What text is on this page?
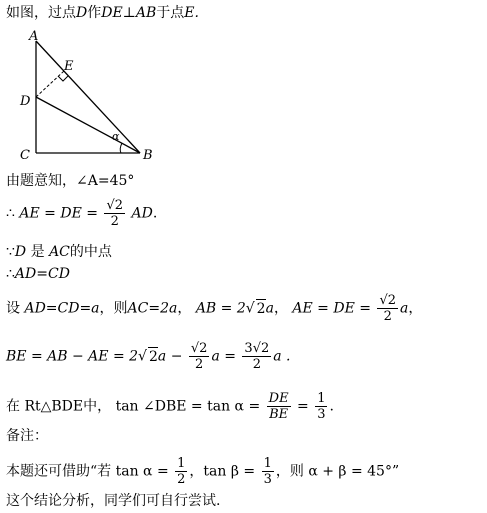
如图，过点D作DE⊥AB于点E.
A
E
D
C	B
α
由题意知，∠A=45°
∴ AE = DE = $\frac{√2}{2}$ AD.
∵D 是 AC的中点
∴AD=CD
设 AD=CD=a，则AC=2a， AB = 2√ 2a， AE = DE = $\frac{√2}{2}$ a，
BE = AB − AE = 2√ $2a - \frac{√2}{2}$ $a = \frac{3√2}{2}$ a .
在 Rt△BDE中， tan ∠DBE = $\tan \alpha = \frac{DE}{BE} = \frac{1}{3}$ .
备注：
本题还可借助“若 $\tan \alpha = \frac{1}{2}$ ，$\tan \beta = \frac{1}{3}$ ，则 α + β = 45°”
这个结论分析，同学们可自行尝试.
